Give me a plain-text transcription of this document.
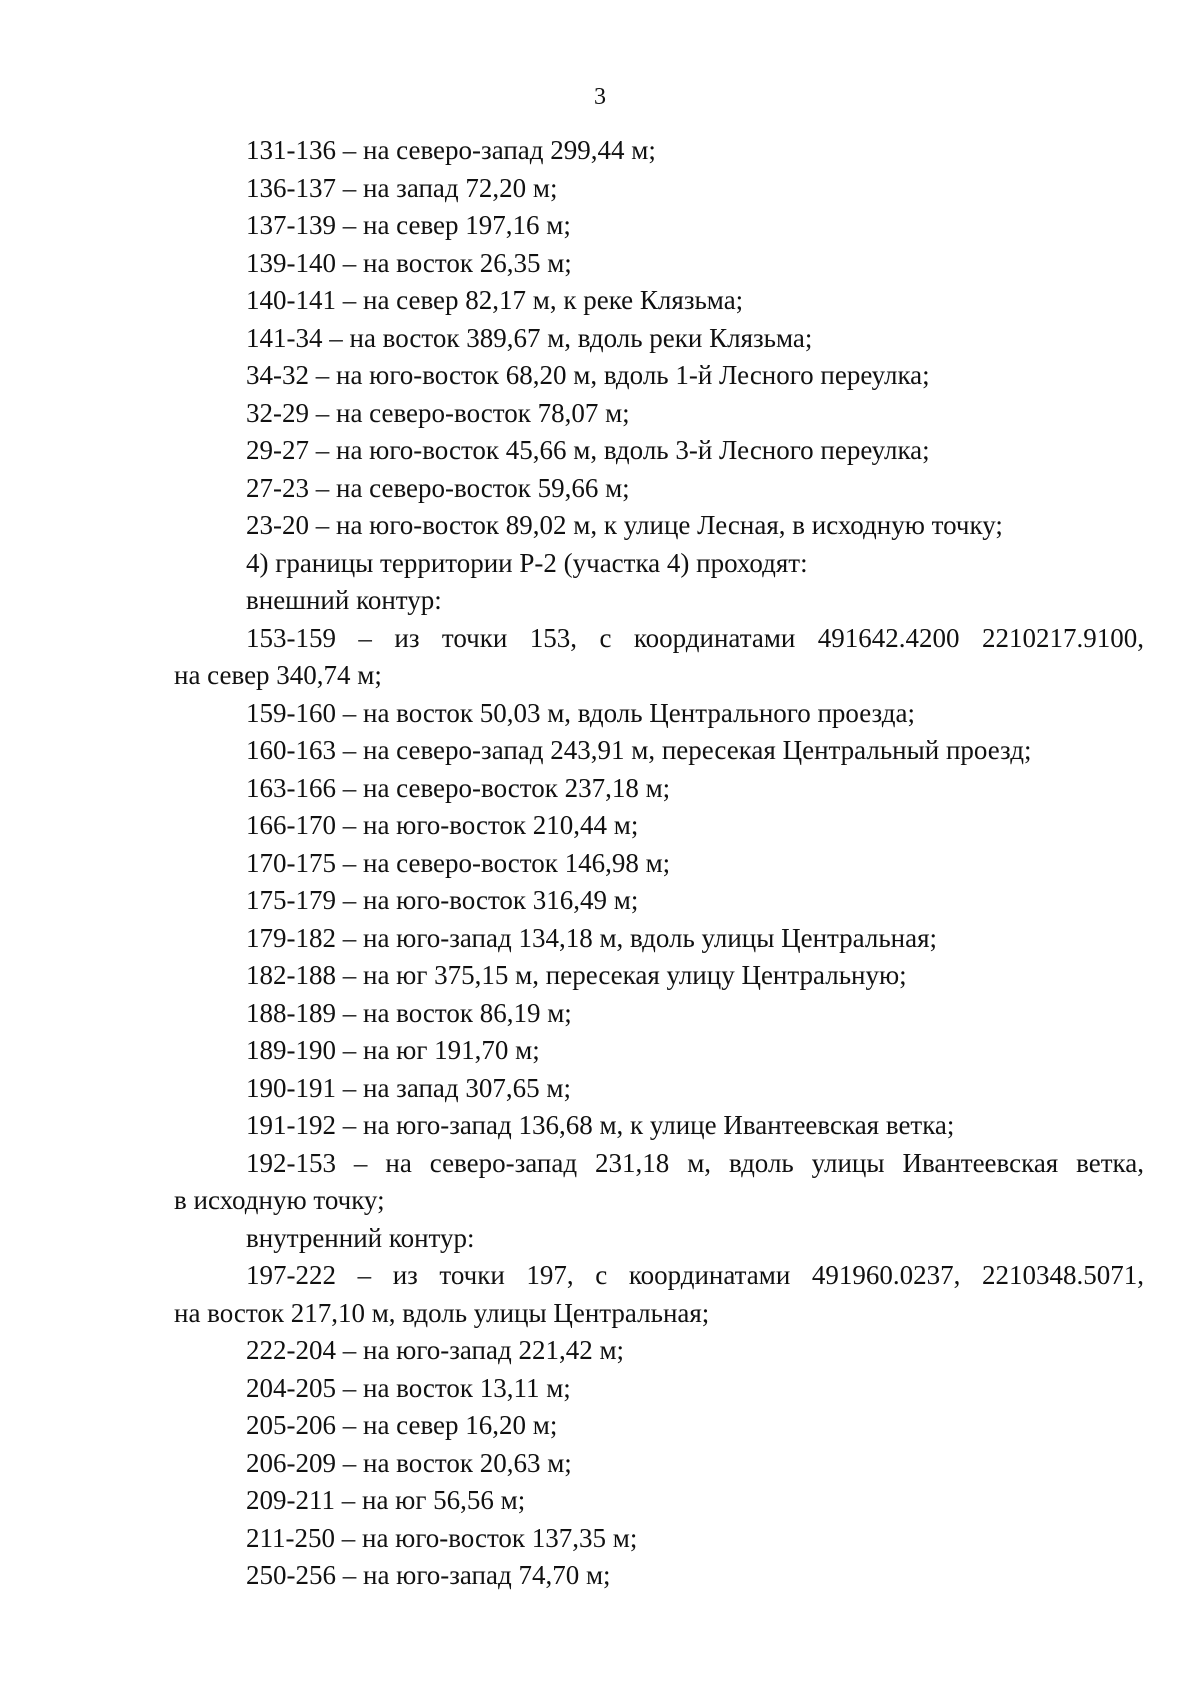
3
131-136 – на северо-запад 299,44 м;
136-137 – на запад 72,20 м;
137-139 – на север 197,16 м;
139-140 – на восток 26,35 м;
140-141 – на север 82,17 м, к реке Клязьма;
141-34 – на восток 389,67 м, вдоль реки Клязьма;
34-32 – на юго-восток 68,20 м, вдоль 1-й Лесного переулка;
32-29 – на северо-восток 78,07 м;
29-27 – на юго-восток 45,66 м, вдоль 3-й Лесного переулка;
27-23 – на северо-восток 59,66 м;
23-20 – на юго-восток 89,02 м, к улице Лесная, в исходную точку;
4) границы территории Р-2 (участка 4) проходят:
внешний контур:
153-159 – из точки 153, с координатами 491642.4200 2210217.9100,
на север 340,74 м;
159-160 – на восток 50,03 м, вдоль Центрального проезда;
160-163 – на северо-запад 243,91 м, пересекая Центральный проезд;
163-166 – на северо-восток 237,18 м;
166-170 – на юго-восток 210,44 м;
170-175 – на северо-восток 146,98 м;
175-179 – на юго-восток 316,49 м;
179-182 – на юго-запад 134,18 м, вдоль улицы Центральная;
182-188 – на юг 375,15 м, пересекая улицу Центральную;
188-189 – на восток 86,19 м;
189-190 – на юг 191,70 м;
190-191 – на запад 307,65 м;
191-192 – на юго-запад 136,68 м, к улице Ивантеевская ветка;
192-153 – на северо-запад 231,18 м, вдоль улицы Ивантеевская ветка,
в исходную точку;
внутренний контур:
197-222 – из точки 197, с координатами 491960.0237, 2210348.5071,
на восток 217,10 м, вдоль улицы Центральная;
222-204 – на юго-запад 221,42 м;
204-205 – на восток 13,11 м;
205-206 – на север 16,20 м;
206-209 – на восток 20,63 м;
209-211 – на юг 56,56 м;
211-250 – на юго-восток 137,35 м;
250-256 – на юго-запад 74,70 м;
